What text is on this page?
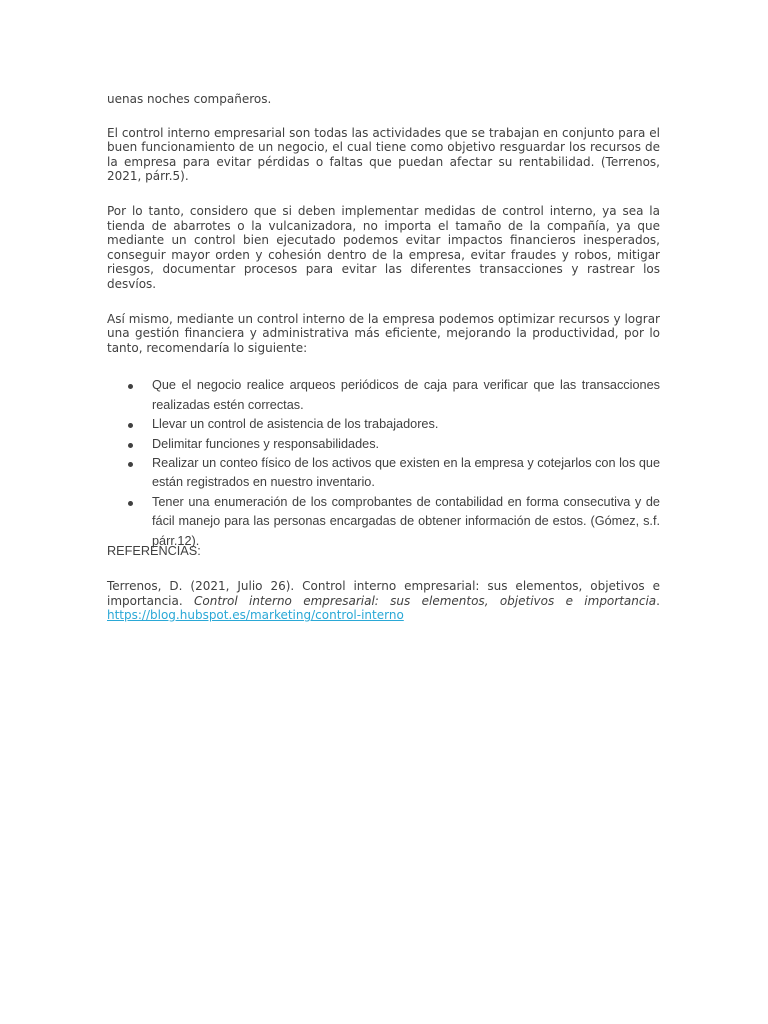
uenas noches compañeros.

El control interno empresarial son todas las actividades que se trabajan en conjunto para el buen funcionamiento de un negocio, el cual tiene como objetivo resguardar los recursos de la empresa para evitar pérdidas o faltas que puedan afectar su rentabilidad. (Terrenos, 2021, párr.5).

Por lo tanto, considero que si deben implementar medidas de control interno, ya sea la tienda de abarrotes o la vulcanizadora, no importa el tamaño de la compañía, ya que mediante un control bien ejecutado podemos evitar impactos financieros inesperados, conseguir mayor orden y cohesión dentro de la empresa, evitar fraudes y robos, mitigar riesgos, documentar procesos para evitar las diferentes transacciones y rastrear los desvíos.

Así mismo, mediante un control interno de la empresa podemos optimizar recursos y lograr una gestión financiera y administrativa más eficiente, mejorando la productividad, por lo tanto, recomendaría lo siguiente:

Que el negocio realice arqueos periódicos de caja para verificar que las transacciones realizadas estén correctas.
Llevar un control de asistencia de los trabajadores.
Delimitar funciones y responsabilidades.
Realizar un conteo físico de los activos que existen en la empresa y cotejarlos con los que están registrados en nuestro inventario.
Tener una enumeración de los comprobantes de contabilidad en forma consecutiva y de fácil manejo para las personas encargadas de obtener información de estos. (Gómez, s.f. párr.12).

REFERENCIAS:

Terrenos, D. (2021, Julio 26). Control interno empresarial: sus elementos, objetivos e importancia. Control interno empresarial: sus elementos, objetivos e importancia. https://blog.hubspot.es/marketing/control-interno
